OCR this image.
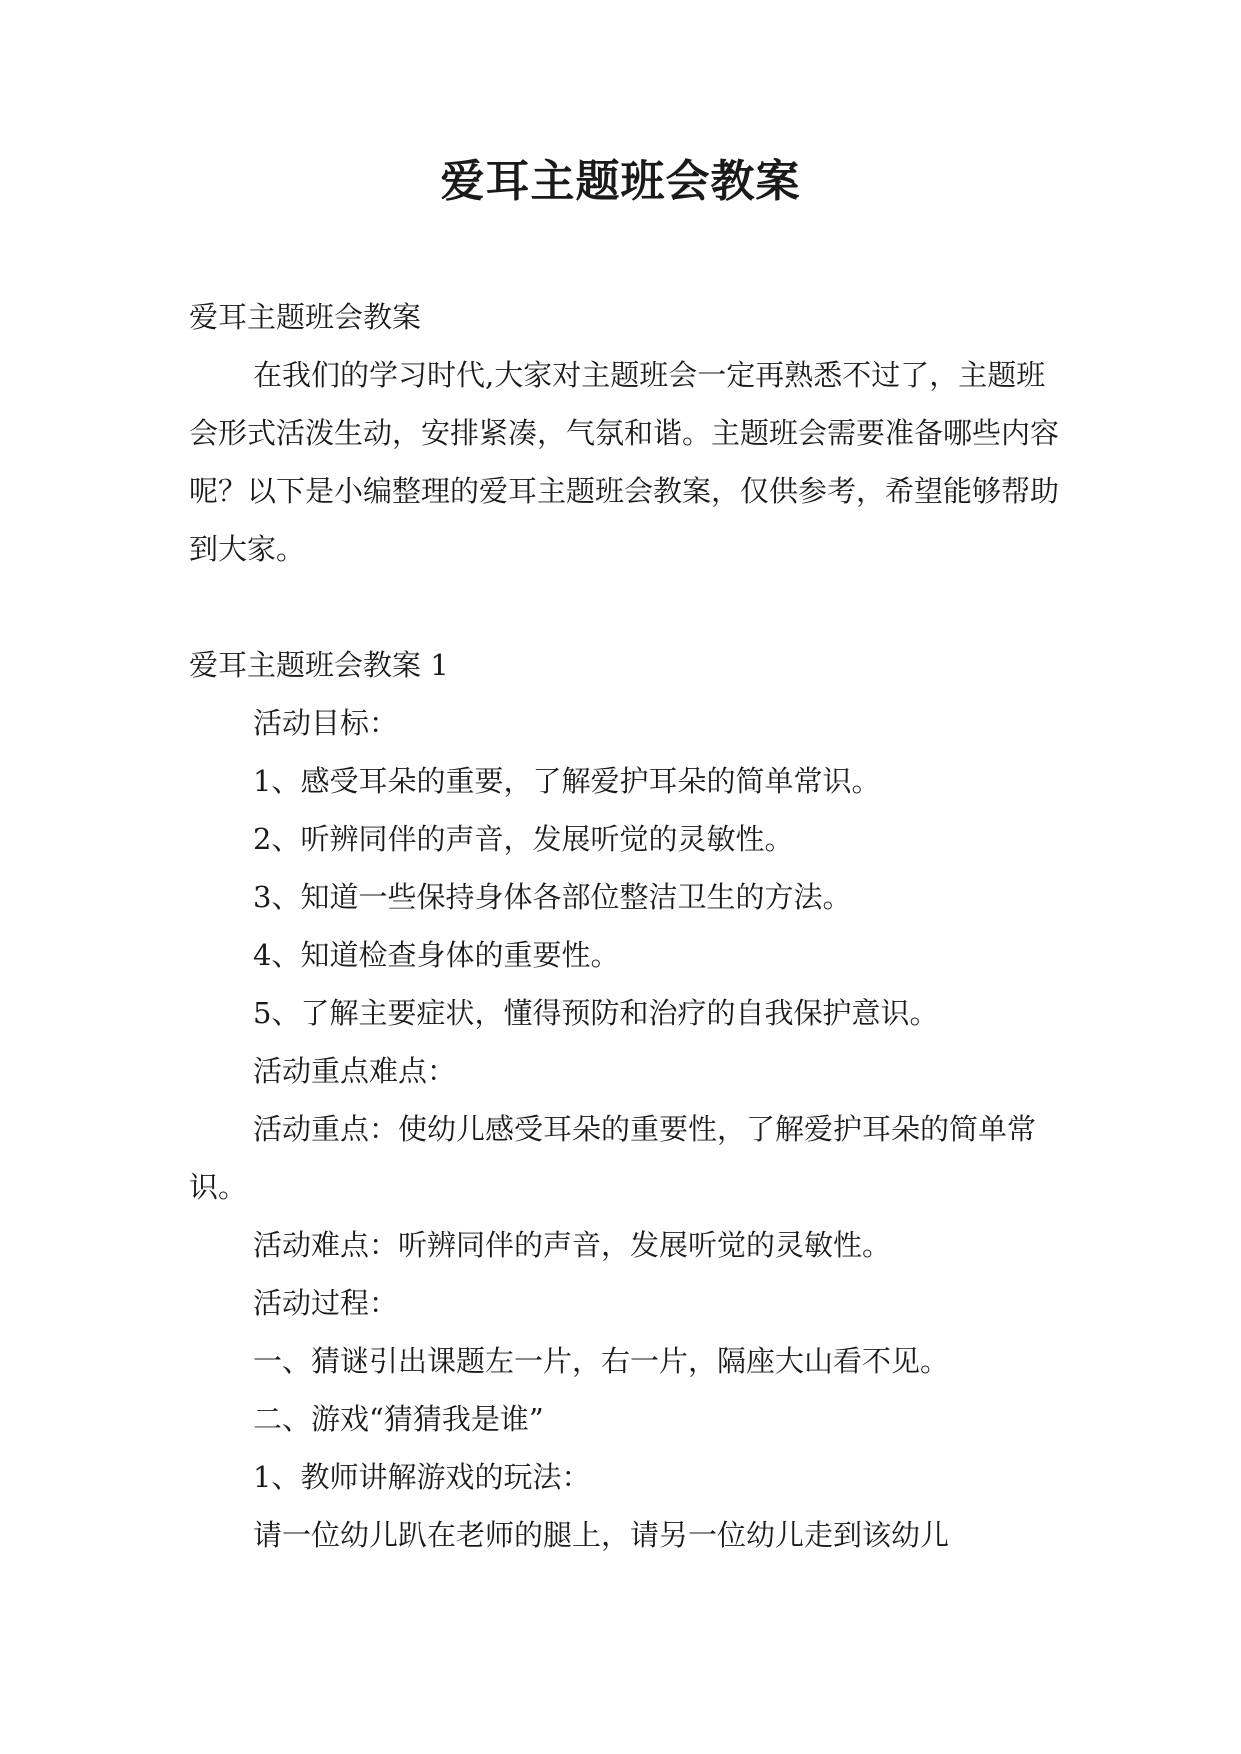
爱耳主题班会教案

爱耳主题班会教案

在我们的学习时代,大家对主题班会一定再熟悉不过了，主题班会形式活泼生动，安排紧凑，气氛和谐。主题班会需要准备哪些内容呢？以下是小编整理的爱耳主题班会教案，仅供参考，希望能够帮助到大家。

爱耳主题班会教案 1

活动目标：

1、感受耳朵的重要，了解爱护耳朵的简单常识。

2、听辨同伴的声音，发展听觉的灵敏性。

3、知道一些保持身体各部位整洁卫生的方法。

4、知道检查身体的重要性。

5、了解主要症状，懂得预防和治疗的自我保护意识。

活动重点难点：

活动重点：使幼儿感受耳朵的重要性，了解爱护耳朵的简单常识。

活动难点：听辨同伴的声音，发展听觉的灵敏性。

活动过程：

一、猜谜引出课题左一片，右一片，隔座大山看不见。

二、游戏“猜猜我是谁”

1、教师讲解游戏的玩法：

请一位幼儿趴在老师的腿上，请另一位幼儿走到该幼儿
